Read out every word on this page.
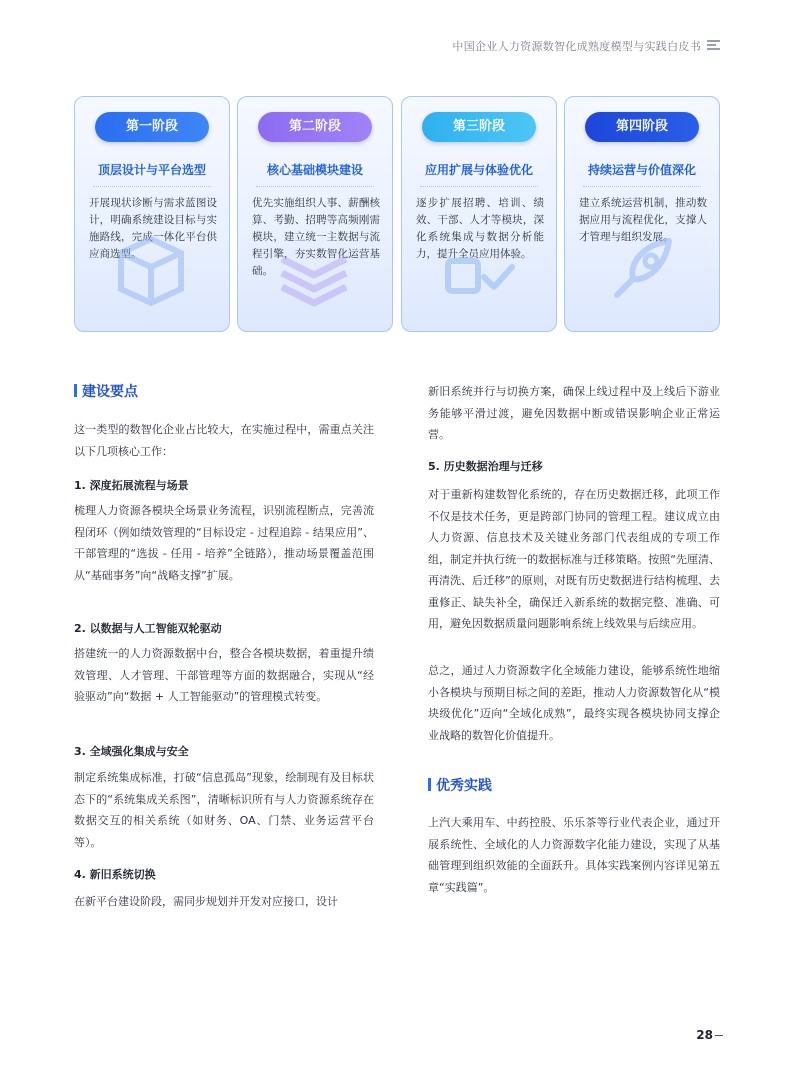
中国企业人力资源数智化成熟度模型与实践白皮书
第一阶段
顶层设计与平台选型
开展现状诊断与需求蓝图设计，明确系统建设目标与实施路线，完成一体化平台供应商选型。
第二阶段
核心基础模块建设
优先实施组织人事、薪酬核算、考勤、招聘等高频刚需模块，建立统一主数据与流程引擎，夯实数智化运营基础。
第三阶段
应用扩展与体验优化
逐步扩展招聘、培训、绩效、干部、人才等模块，深化系统集成与数据分析能力，提升全员应用体验。
第四阶段
持续运营与价值深化
建立系统运营机制，推动数据应用与流程优化，支撑人才管理与组织发展。
建设要点

这一类型的数智化企业占比较大，在实施过程中，需重点关注以下几项核心工作：

1. 深度拓展流程与场景

梳理人力资源各模块全场景业务流程，识别流程断点，完善流程闭环（例如绩效管理的“目标设定 - 过程追踪 - 结果应用”、干部管理的“选拔 - 任用 - 培养”全链路），推动场景覆盖范围从“基础事务”向“战略支撑”扩展。

2. 以数据与人工智能双轮驱动

搭建统一的人力资源数据中台，整合各模块数据，着重提升绩效管理、人才管理、干部管理等方面的数据融合，实现从“经验驱动”向“数据 + 人工智能驱动”的管理模式转变。

3. 全域强化集成与安全

制定系统集成标准，打破“信息孤岛”现象，绘制现有及目标状态下的“系统集成关系图”，清晰标识所有与人力资源系统存在数据交互的相关系统（如财务、OA、门禁、业务运营平台等）。

4. 新旧系统切换

在新平台建设阶段，需同步规划并开发对应接口，设计

新旧系统并行与切换方案，确保上线过程中及上线后下游业务能够平滑过渡，避免因数据中断或错误影响企业正常运营。

5. 历史数据治理与迁移

对于重新构建数智化系统的，存在历史数据迁移，此项工作不仅是技术任务，更是跨部门协同的管理工程。建议成立由人力资源、信息技术及关键业务部门代表组成的专项工作组，制定并执行统一的数据标准与迁移策略。按照“先厘清、再清洗、后迁移”的原则，对既有历史数据进行结构梳理、去重修正、缺失补全，确保迁入新系统的数据完整、准确、可用，避免因数据质量问题影响系统上线效果与后续应用。

总之，通过人力资源数字化全域能力建设，能够系统性地缩小各模块与预期目标之间的差距，推动人力资源数智化从“模块级优化”迈向“全域化成熟”，最终实现各模块协同支撑企业战略的数智化价值提升。

优秀实践

上汽大乘用车、中药控股、乐乐茶等行业代表企业，通过开展系统性、全域化的人力资源数字化能力建设，实现了从基础管理到组织效能的全面跃升。具体实践案例内容详见第五章“实践篇”。

28
